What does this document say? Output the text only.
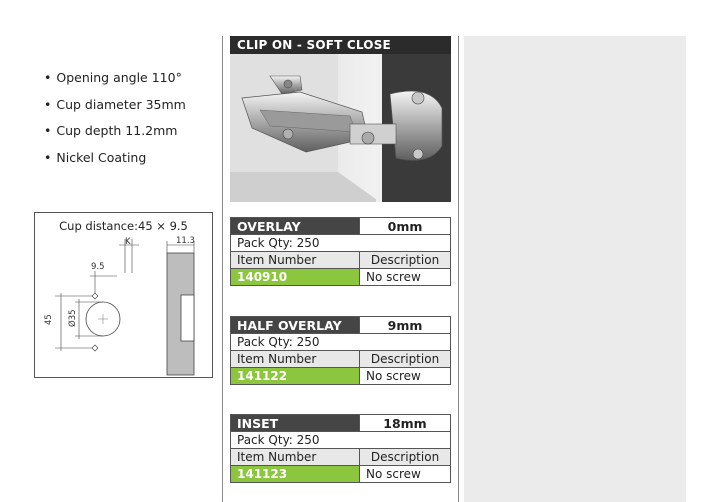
• Opening angle 110°
• Cup diameter 35mm
• Cup depth 11.2mm
• Nickel Coating
Cup distance:45 × 9.5
11.3
K
9.5
45 Ø35
CLIP ON - SOFT CLOSE
OVERLAY	0mm
Pack Qty: 250	
Item Number	Description
140910	No screw
HALF OVERLAY	9mm
Pack Qty: 250	
Item Number	Description
141122	No screw
INSET	18mm
Pack Qty: 250	
Item Number	Description
141123	No screw
